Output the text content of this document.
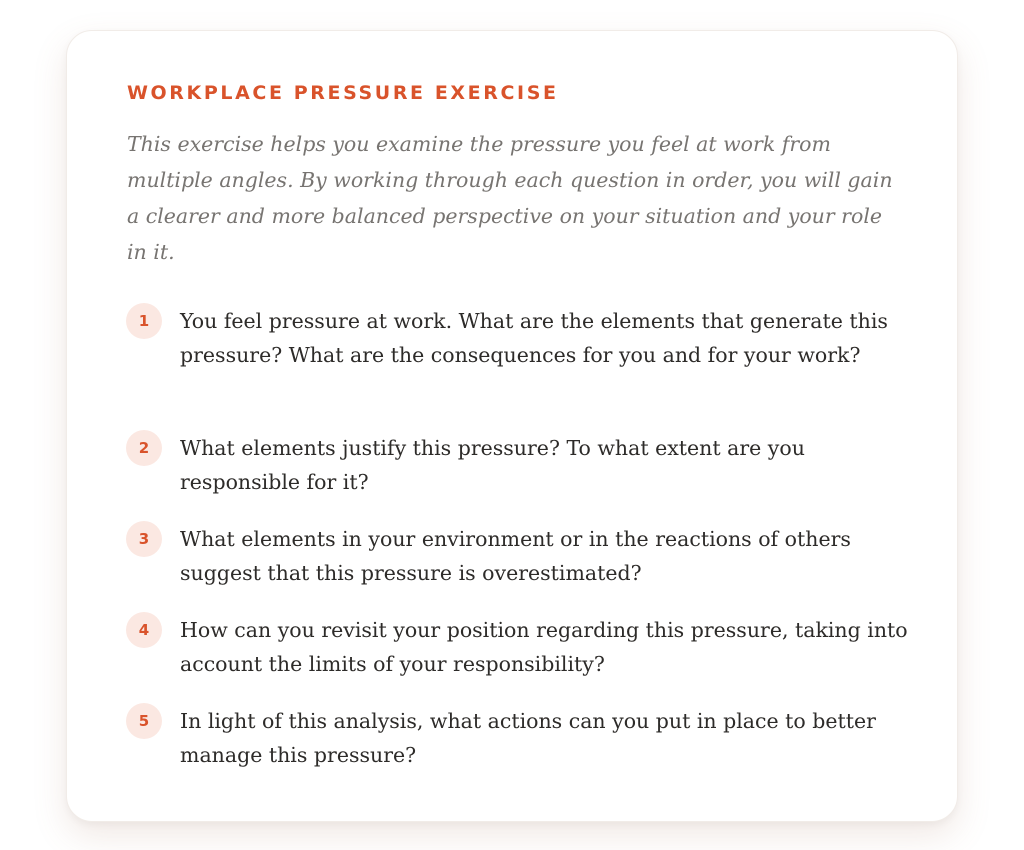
WORKPLACE PRESSURE EXERCISE

This exercise helps you examine the pressure you feel at work from multiple angles. By working through each question in order, you will gain a clearer and more balanced perspective on your situation and your role in it.

1	You feel pressure at work. What are the elements that generate this pressure? What are the consequences for you and for your work?

2	What elements justify this pressure? To what extent are you responsible for it?

3	What elements in your environment or in the reactions of others suggest that this pressure is overestimated?

4	How can you revisit your position regarding this pressure, taking into account the limits of your responsibility?

5	In light of this analysis, what actions can you put in place to better manage this pressure?
